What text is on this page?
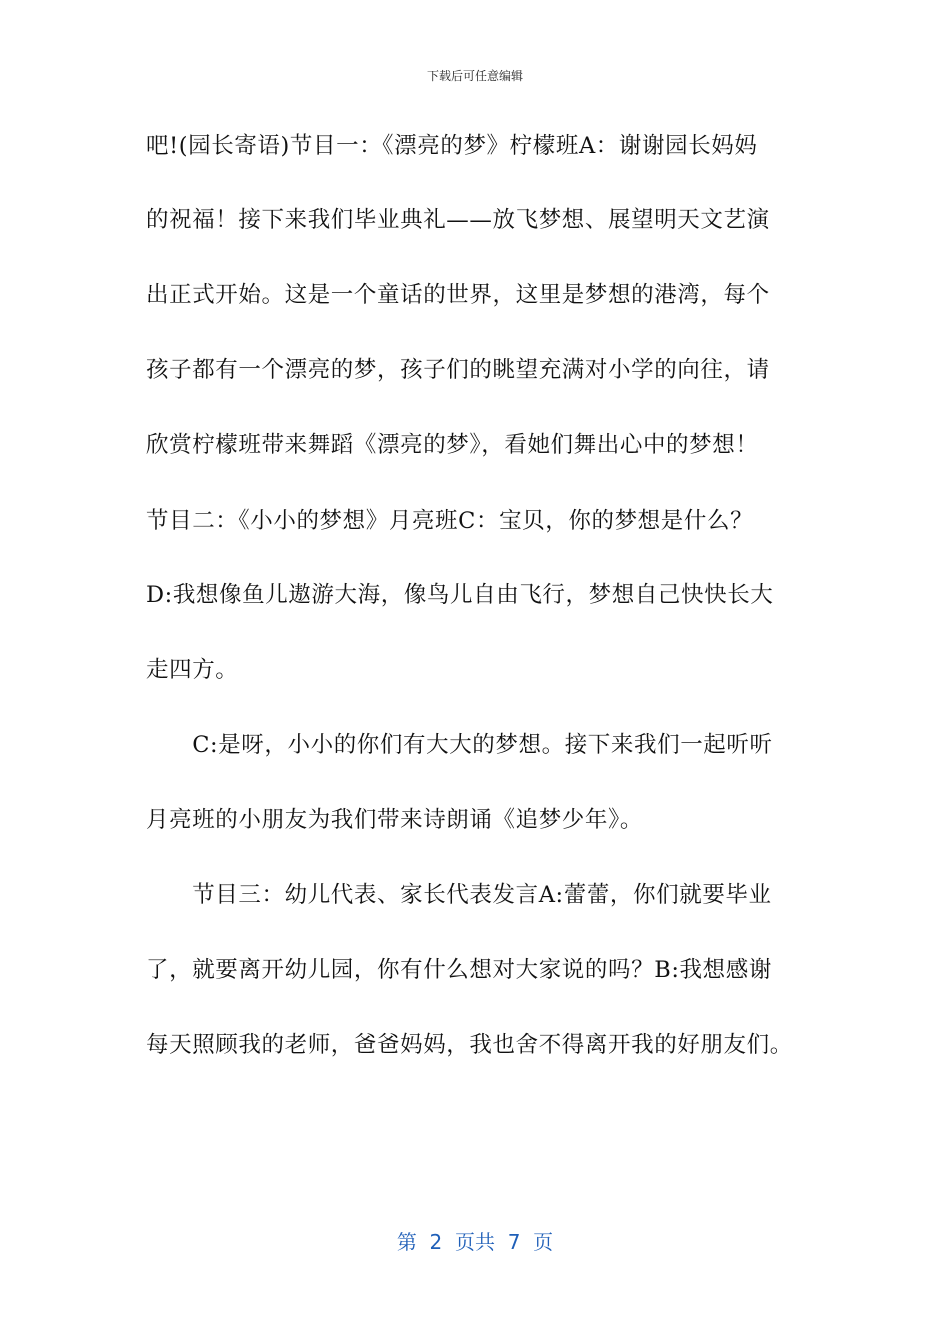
下载后可任意编辑
吧!(园长寄语)节目一：《漂亮的梦》柠檬班A：谢谢园长妈妈
的祝福！接下来我们毕业典礼——放飞梦想、展望明天文艺演
出正式开始。这是一个童话的世界，这里是梦想的港湾，每个
孩子都有一个漂亮的梦，孩子们的眺望充满对小学的向往，请
欣赏柠檬班带来舞蹈《漂亮的梦》，看她们舞出心中的梦想！
节目二：《小小的梦想》月亮班C：宝贝，你的梦想是什么？
D:我想像鱼儿遨游大海，像鸟儿自由飞行，梦想自己快快长大
走四方。
　　C:是呀，小小的你们有大大的梦想。接下来我们一起听听
月亮班的小朋友为我们带来诗朗诵《追梦少年》。
　　节目三：幼儿代表、家长代表发言A:蕾蕾，你们就要毕业
了，就要离开幼儿园，你有什么想对大家说的吗？B:我想感谢
每天照顾我的老师，爸爸妈妈，我也舍不得离开我的好朋友们。
第  2  页共  7  页
